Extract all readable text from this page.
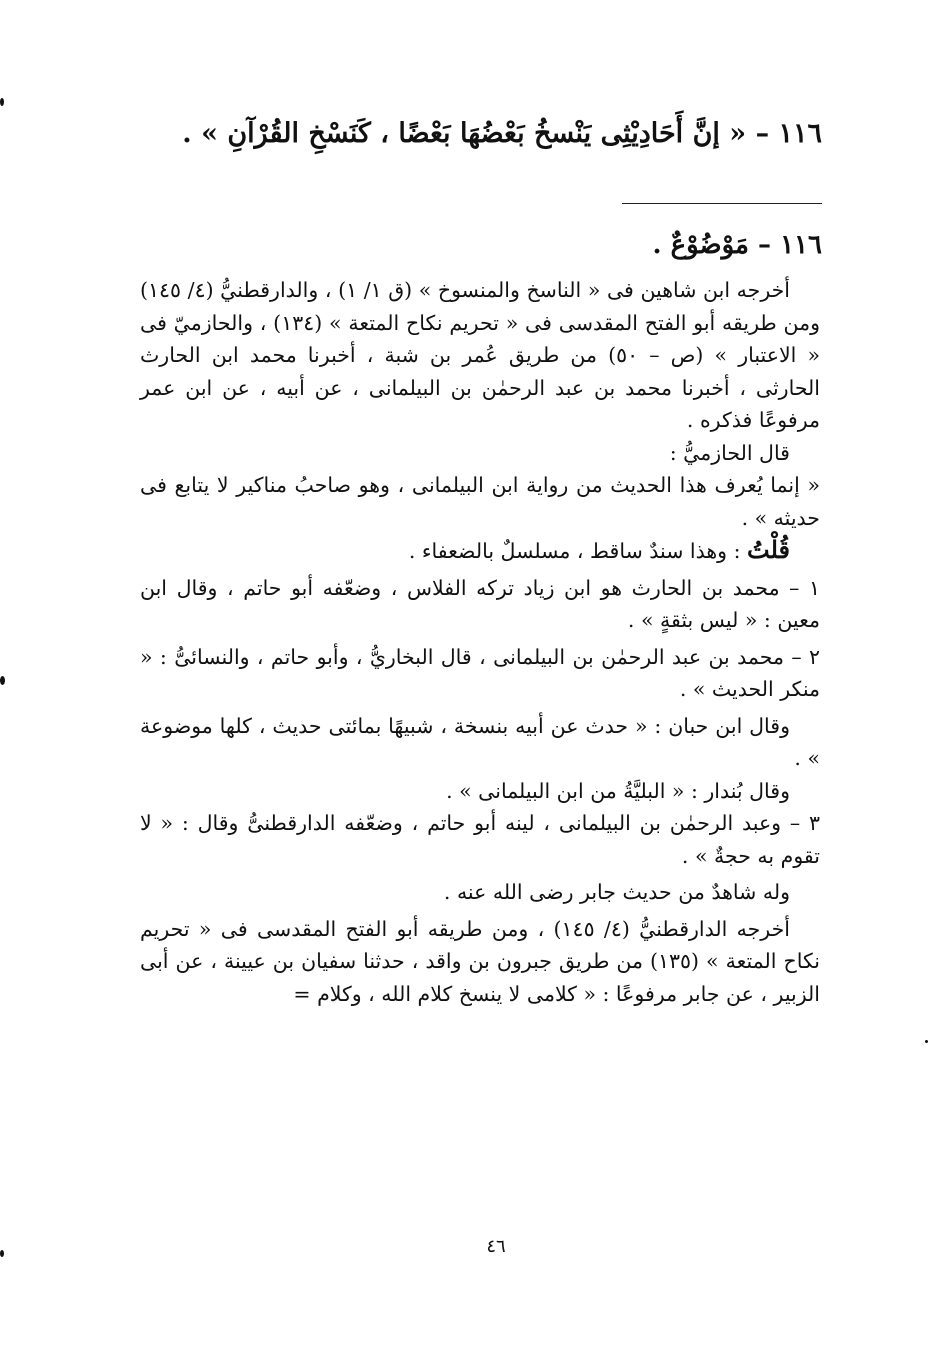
١١٦ – « إنَّ أَحَادِيْثِى يَنْسخُ بَعْضُهَا بَعْضًا ، كَنَسْخِ القُرْآنِ » .
١١٦ – مَوْضُوْعٌ .

أخرجه ابن شاهين فى « الناسخ والمنسوخ » (ق ١/ ١) ، والدارقطنيُّ (٤/ ١٤٥) ومن طريقه أبو الفتح المقدسى فى « تحريم نكاح المتعة » (١٣٤) ، والحازميّ فى « الاعتبار » (ص – ٥٠) من طريق عُمر بن شبة ، أخبرنا محمد ابن الحارث الحارثى ، أخبرنا محمد بن عبد الرحمٰن بن البيلمانى ، عن أبيه ، عن ابن عمر مرفوعًا فذكره .

قال الحازميُّ :

« إنما يُعرف هذا الحديث من رواية ابن البيلمانى ، وهو صاحبُ مناكير لا يتابع فى حديثه » .

قُلْتُ : وهذا سندٌ ساقط ، مسلسلٌ بالضعفاء .

١ – محمد بن الحارث هو ابن زياد تركه الفلاس ، وضعّفه أبو حاتم ، وقال ابن معين : « ليس بثقةٍ » .

٢ – محمد بن عبد الرحمٰن بن البيلمانى ، قال البخاريُّ ، وأبو حاتم ، والنسائىُّ : « منكر الحديث » .

وقال ابن حبان : « حدث عن أبيه بنسخة ، شبيهًا بمائتى حديث ، كلها موضوعة » .

وقال بُندار : « البليَّةُ من ابن البيلمانى » .

٣ – وعبد الرحمٰن بن البيلمانى ، لينه أبو حاتم ، وضعّفه الدارقطنىُّ وقال : « لا تقوم به حجةٌ » .

وله شاهدٌ من حديث جابر رضى الله عنه .

أخرجه الدارقطنيُّ (٤/ ١٤٥) ، ومن طريقه أبو الفتح المقدسى فى « تحريم نكاح المتعة » (١٣٥) من طريق جبرون بن واقد ، حدثنا سفيان بن عيينة ، عن أبى الزبير ، عن جابر مرفوعًا : « كلامى لا ينسخ كلام الله ، وكلام =

٤٦
